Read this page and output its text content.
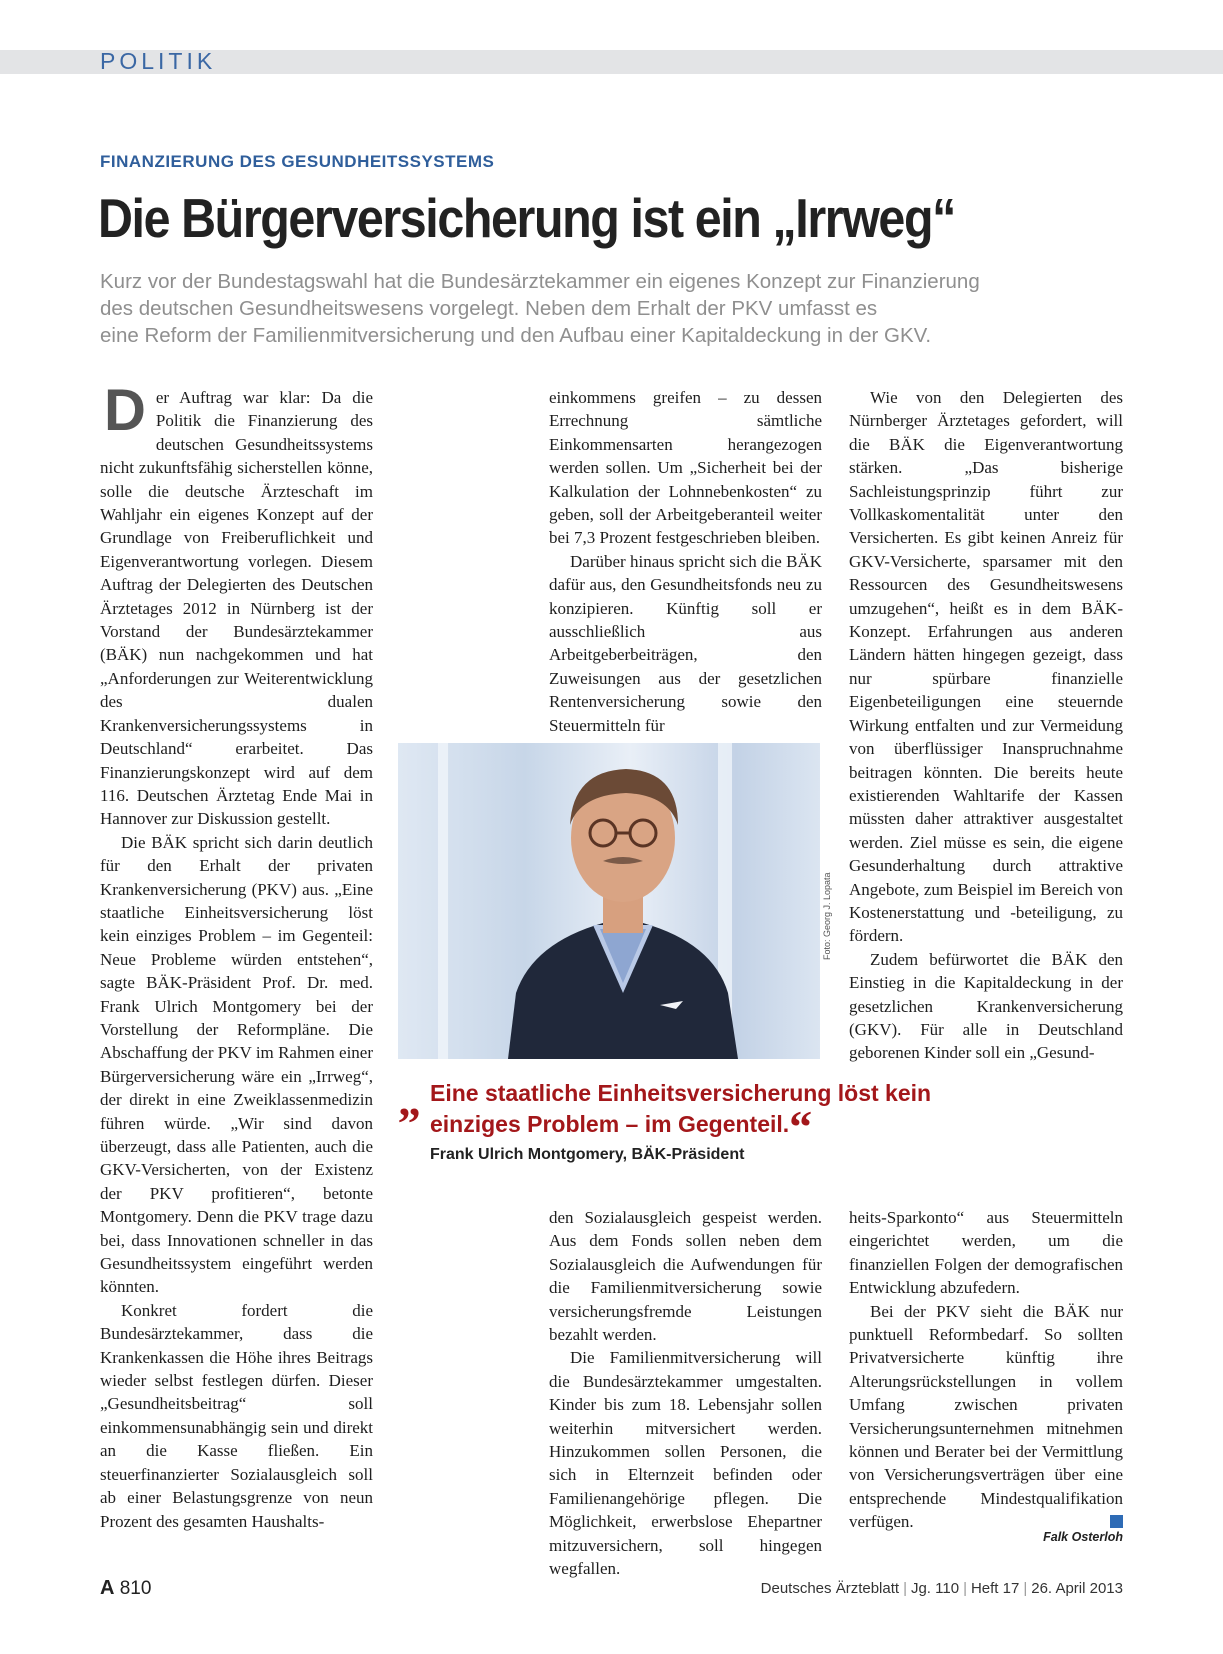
POLITIK
FINANZIERUNG DES GESUNDHEITSSYSTEMS
Die Bürgerversicherung ist ein „Irrweg“
Kurz vor der Bundestagswahl hat die Bundesärztekammer ein eigenes Konzept zur Finanzierung
des deutschen Gesundheitswesens vorgelegt. Neben dem Erhalt der PKV umfasst es
eine Reform der Familienmitversicherung und den Aufbau einer Kapitaldeckung in der GKV.

Der Auftrag war klar: Da die Politik die Finanzierung des deutschen Gesundheitssystems nicht zukunftsfähig sicherstellen könne, solle die deutsche Ärzteschaft im Wahljahr ein eigenes Konzept auf der Grundlage von Freiberuflichkeit und Eigenverantwortung vorlegen. Diesem Auftrag der Delegierten des Deutschen Ärztetages 2012 in Nürnberg ist der Vorstand der Bundesärztekammer (BÄK) nun nachgekommen und hat „Anforderungen zur Weiterentwicklung des dualen Krankenversicherungssystems in Deutschland“ erarbeitet. Das Finanzierungskonzept wird auf dem 116. Deutschen Ärztetag Ende Mai in Hannover zur Diskussion gestellt.

Die BÄK spricht sich darin deutlich für den Erhalt der privaten Krankenversicherung (PKV) aus. „Eine staatliche Einheitsversicherung löst kein einziges Problem – im Gegenteil: Neue Probleme würden entstehen“, sagte BÄK-Präsident Prof. Dr. med. Frank Ulrich Montgomery bei der Vorstellung der Reformpläne. Die Abschaffung der PKV im Rahmen einer Bürgerversicherung wäre ein „Irrweg“, der direkt in eine Zweiklassenmedizin führen würde. „Wir sind davon überzeugt, dass alle Patienten, auch die GKV-Versicherten, von der Existenz der PKV profitieren“, betonte Montgomery. Denn die PKV trage dazu bei, dass Innovationen schneller in das Gesundheitssystem eingeführt werden könnten.

Konkret fordert die Bundesärztekammer, dass die Krankenkassen die Höhe ihres Beitrags wieder selbst festlegen dürfen. Dieser „Gesundheitsbeitrag“ soll einkommensunabhängig sein und direkt an die Kasse fließen. Ein steuerfinanzierter Sozialausgleich soll ab einer Belastungsgrenze von neun Prozent des gesamten Haushalts-

einkommens greifen – zu dessen Errechnung sämtliche Einkommensarten herangezogen werden sollen. Um „Sicherheit bei der Kalkulation der Lohnnebenkosten“ zu geben, soll der Arbeitgeberanteil weiter bei 7,3 Prozent festgeschrieben bleiben.

Darüber hinaus spricht sich die BÄK dafür aus, den Gesundheitsfonds neu zu konzipieren. Künftig soll er ausschließlich aus Arbeitgeberbeiträgen, den Zuweisungen aus der gesetzlichen Rentenversicherung sowie den Steuermitteln für

Foto: Georg J. Lopata
„ Eine staatliche Einheitsversicherung löst kein
einziges Problem – im Gegenteil.“
Frank Ulrich Montgomery, BÄK-Präsident

den Sozialausgleich gespeist werden. Aus dem Fonds sollen neben dem Sozialausgleich die Aufwendungen für die Familienmitversicherung sowie versicherungsfremde Leistungen bezahlt werden.

Die Familienmitversicherung will die Bundesärztekammer umgestalten. Kinder bis zum 18. Lebensjahr sollen weiterhin mitversichert werden. Hinzukommen sollen Personen, die sich in Elternzeit befinden oder Familienangehörige pflegen. Die Möglichkeit, erwerbslose Ehepartner mitzuversichern, soll hingegen wegfallen.

Wie von den Delegierten des Nürnberger Ärztetages gefordert, will die BÄK die Eigenverantwortung stärken. „Das bisherige Sachleistungsprinzip führt zur Vollkaskomentalität unter den Versicherten. Es gibt keinen Anreiz für GKV-Versicherte, sparsamer mit den Ressourcen des Gesundheitswesens umzugehen“, heißt es in dem BÄK-Konzept. Erfahrungen aus anderen Ländern hätten hingegen gezeigt, dass nur spürbare finanzielle Eigenbeteiligungen eine steuernde Wirkung entfalten und zur Vermeidung von überflüssiger Inanspruchnahme beitragen könnten. Die bereits heute existierenden Wahltarife der Kassen müssten daher attraktiver ausgestaltet werden. Ziel müsse es sein, die eigene Gesunderhaltung durch attraktive Angebote, zum Beispiel im Bereich von Kostenerstattung und -beteiligung, zu fördern.

Zudem befürwortet die BÄK den Einstieg in die Kapitaldeckung in der gesetzlichen Krankenversicherung (GKV). Für alle in Deutschland geborenen Kinder soll ein „Gesund-

heits-Sparkonto“ aus Steuermitteln eingerichtet werden, um die finanziellen Folgen der demografischen Entwicklung abzufedern.

Bei der PKV sieht die BÄK nur punktuell Reformbedarf. So sollten Privatversicherte künftig ihre Alterungsrückstellungen in vollem Umfang zwischen privaten Versicherungsunternehmen mitnehmen können und Berater bei der Vermittlung von Versicherungsverträgen über eine entsprechende Mindestqualifikation verfügen.

Falk Osterloh
A 810	Deutsches Ärzteblatt | Jg. 110 | Heft 17 | 26. April 2013
